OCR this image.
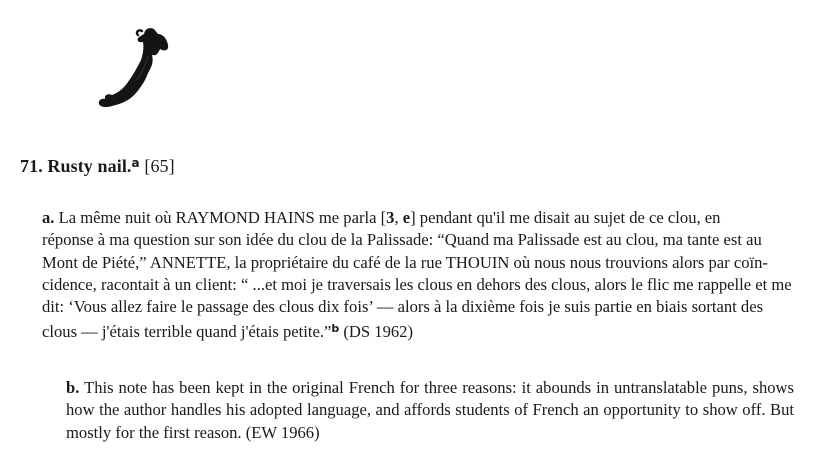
71. Rusty nail.$^a$ [65]
a. La même nuit où RAYMOND HAINS me parla [3, e] pendant qu'il me disait au sujet de ce clou, en
réponse à ma question sur son idée du clou de la Palissade: “Quand ma Palissade est au clou, ma tante est au
Mont de Piété,” ANNETTE, la propriétaire du café de la rue THOUIN où nous nous trouvions alors par coïn-
cidence, racontait à un client: “ ...et moi je traversais les clous en dehors des clous, alors le flic me rappelle et me
dit: ‘Vous allez faire le passage des clous dix fois’ — alors à la dixième fois je suis partie en biais sortant des
clous — j'étais terrible quand j'étais petite.”$^b$ (DS 1962)
b. This note has been kept in the original French for three reasons: it abounds in untranslatable puns, shows how the author handles his adopted language, and affords students of French an opportunity to show off. But mostly for the first reason. (EW 1966)
